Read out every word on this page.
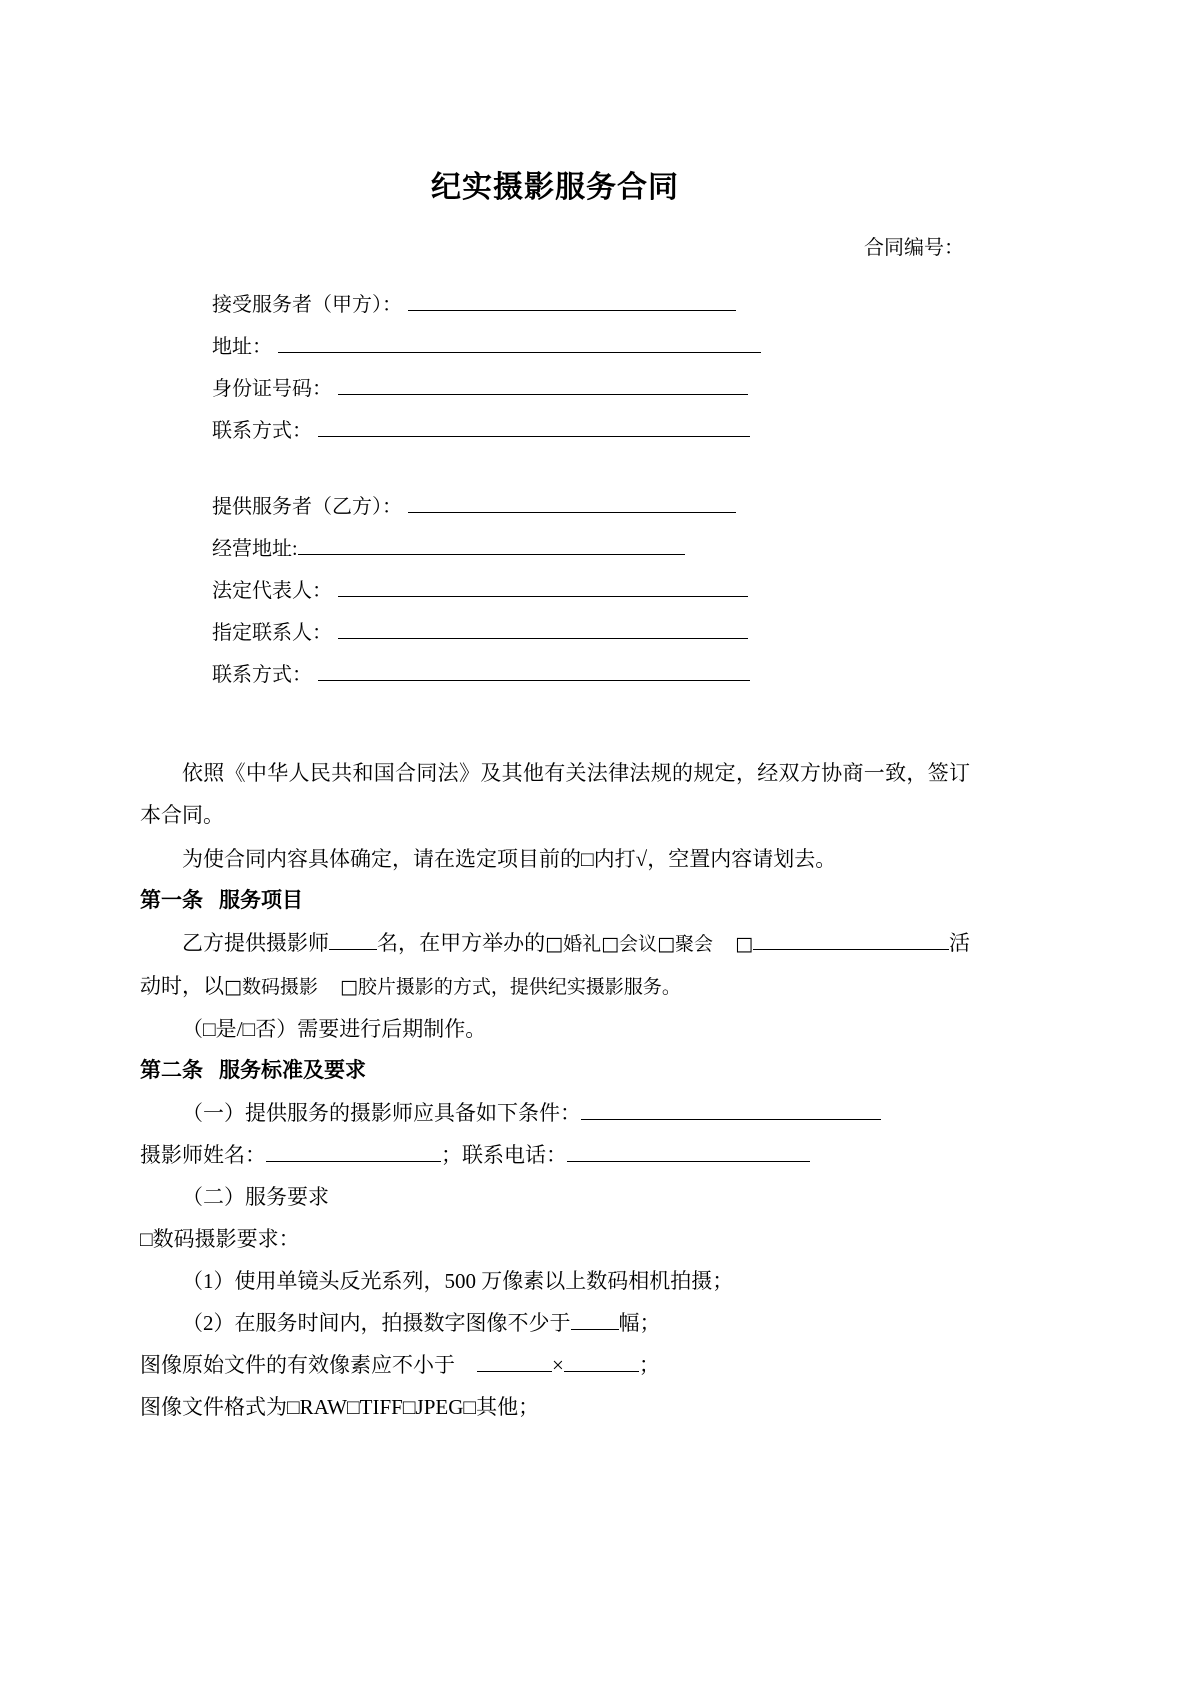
纪实摄影服务合同
合同编号：
接受服务者（甲方）：
地址：
身份证号码：
联系方式：
提供服务者（乙方）：
经营地址:
法定代表人：
指定联系人：
联系方式：

依照《中华人民共和国合同法》及其他有关法律法规的规定，经双方协商一致，签订本合同。

为使合同内容具体确定，请在选定项目前的□内打√，空置内容请划去。

第一条 服务项目

乙方提供摄影师 名，在甲方举办的□婚礼□会议□聚会 □	活动时，以□数码摄影 □胶片摄影的方式，提供纪实摄影服务。

（□是/□否）需要进行后期制作。

第二条 服务标准及要求

（一）提供服务的摄影师应具备如下条件：

摄影师姓名：	；联系电话：

（二）服务要求

□数码摄影要求：

（1）使用单镜头反光系列，500 万像素以上数码相机拍摄；

（2）在服务时间内，拍摄数字图像不少于 幅；

图像原始文件的有效像素应不小于	×	；

图像文件格式为□RAW□TIFF□JPEG□其他；
